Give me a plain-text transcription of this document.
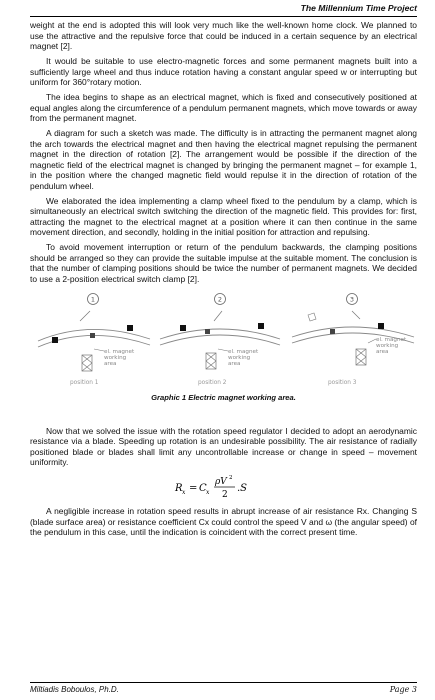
The Millennium Time Project

weight at the end is adopted this will look very much like the well-known home clock. We planned to use the attractive and the repulsive force that could be induced in a certain sequence by an electrical magnet [2].

It would be suitable to use electro-magnetic forces and some permanent magnets built into a sufficiently large wheel and thus induce rotation having a constant angular speed w or interrupting but uniform for 360°rotary motion.

The idea begins to shape as an electrical magnet, which is fixed and consecutively positioned at equal angles along the circumference of a pendulum permanent magnets, which move towards or away from the permanent magnet.

A diagram for such a sketch was made. The difficulty is in attracting the permanent magnet along the arch towards the electrical magnet and then having the electrical magnet repulsing the permanent magnet in the direction of rotation [2]. The arrangement would be possible if the direction of the magnetic field of the electrical magnet is changed by bringing the permanent magnet – for example 1, in the position where the changed magnetic field would repulse it in the direction of rotation of the pendulum wheel.

We elaborated the idea implementing a clamp wheel fixed to the pendulum by a clamp, which is simultaneously an electrical switch switching the direction of the magnetic field. This provides for: first, attracting the magnet to the electrical magnet at a position where it can then continue in the same movement direction, and secondly, holding in the initial position for attraction and repulsing.

To avoid movement interruption or return of the pendulum backwards, the clamping positions should be arranged so they can provide the suitable impulse at the suitable moment. The conclusion is that the number of clamping positions should be twice the number of permanent magnets. We decided to use a 2-position electrical switch clamp [2].

1
el. magnet
working
area
position 1
2
el. magnet
working
area
position 2
3
el. magnet
working
area
position 3
Graphic 1 Electric magnet working area.

Now that we solved the issue with the rotation speed regulator I decided to adopt an aerodynamic resistance via a blade. Speeding up rotation is an undesirable possibility. The air resistance of radially positioned blade or blades shall limit any uncontrollable increase or change in speed – movement uniformity.

R x = C x
ρV 2
2
.S

A negligible increase in rotation speed results in abrupt increase of air resistance Rx. Changing S (blade surface area) or resistance coefficient Cx could control the speed V and ω (the angular speed) of the pendulum in this case, until the indication is coincident with the correct present time.

Miltiadis Boboulos, Ph.D.	Page 3
